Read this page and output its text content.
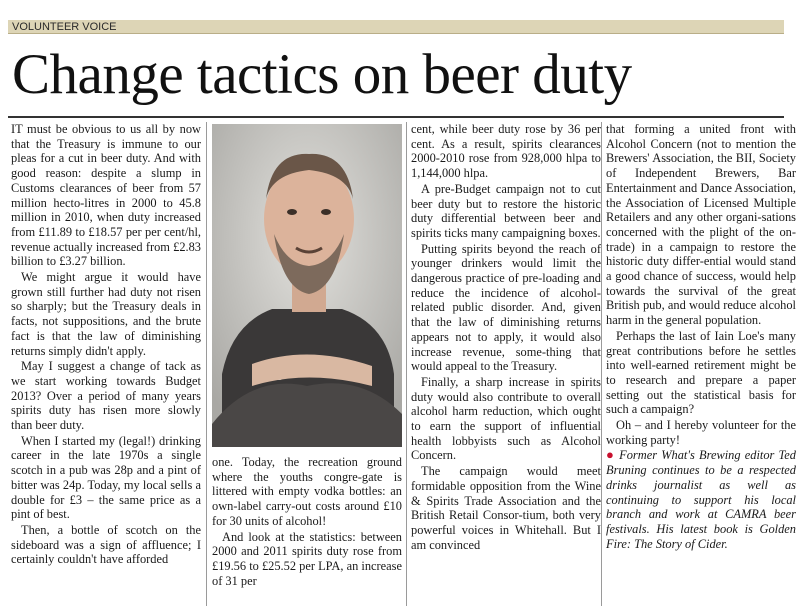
VOLUNTEER VOICE
Change tactics on beer duty

IT must be obvious to us all by now that the Treasury is immune to our pleas for a cut in beer duty. And with good reason: despite a slump in Customs clearances of beer from 57 million hecto-litres in 2000 to 45.8 million in 2010, when duty increased from £11.89 to £18.57 per per cent/hl, revenue actually increased from £2.83 billion to £3.27 billion.

We might argue it would have grown still further had duty not risen so sharply; but the Treasury deals in facts, not suppositions, and the brute fact is that the law of diminishing returns simply didn't apply.

May I suggest a change of tack as we start working towards Budget 2013? Over a period of many years spirits duty has risen more slowly than beer duty.

When I started my (legal!) drinking career in the late 1970s a single scotch in a pub was 28p and a pint of bitter was 24p. Today, my local sells a double for £3 – the same price as a pint of best.

Then, a bottle of scotch on the sideboard was a sign of affluence; I certainly couldn't have afforded

one. Today, the recreation ground where the youths congre-gate is littered with empty vodka bottles: an own-label carry-out costs around £10 for 30 units of alcohol!

And look at the statistics: between 2000 and 2011 spirits duty rose from £19.56 to £25.52 per LPA, an increase of 31 per

cent, while beer duty rose by 36 per cent. As a result, spirits clearances 2000-2010 rose from 928,000 hlpa to 1,144,000 hlpa.

A pre-Budget campaign not to cut beer duty but to restore the historic duty differential between beer and spirits ticks many campaigning boxes.

Putting spirits beyond the reach of younger drinkers would limit the dangerous practice of pre-loading and reduce the incidence of alcohol-related public disorder. And, given that the law of diminishing returns appears not to apply, it would also increase revenue, some-thing that would appeal to the Treasury.

Finally, a sharp increase in spirits duty would also contribute to overall alcohol harm reduction, which ought to earn the support of influential health lobbyists such as Alcohol Concern.

The campaign would meet formidable opposition from the Wine & Spirits Trade Association and the British Retail Consor-tium, both very powerful voices in Whitehall. But I am convinced

that forming a united front with Alcohol Concern (not to mention the Brewers' Association, the BII, Society of Independent Brewers, Bar Entertainment and Dance Association, the Association of Licensed Multiple Retailers and any other organi-sations concerned with the plight of the on-trade) in a campaign to restore the historic duty differ-ential would stand a good chance of success, would help towards the survival of the great British pub, and would reduce alcohol harm in the general population.

Perhaps the last of Iain Loe's many great contributions before he settles into well-earned retirement might be to research and prepare a paper setting out the statistical basis for such a campaign?

Oh – and I hereby volunteer for the working party!

● Former What's Brewing editor Ted Bruning continues to be a respected drinks journalist as well as continuing to support his local branch and work at CAMRA beer festivals. His latest book is Golden Fire: The Story of Cider.
